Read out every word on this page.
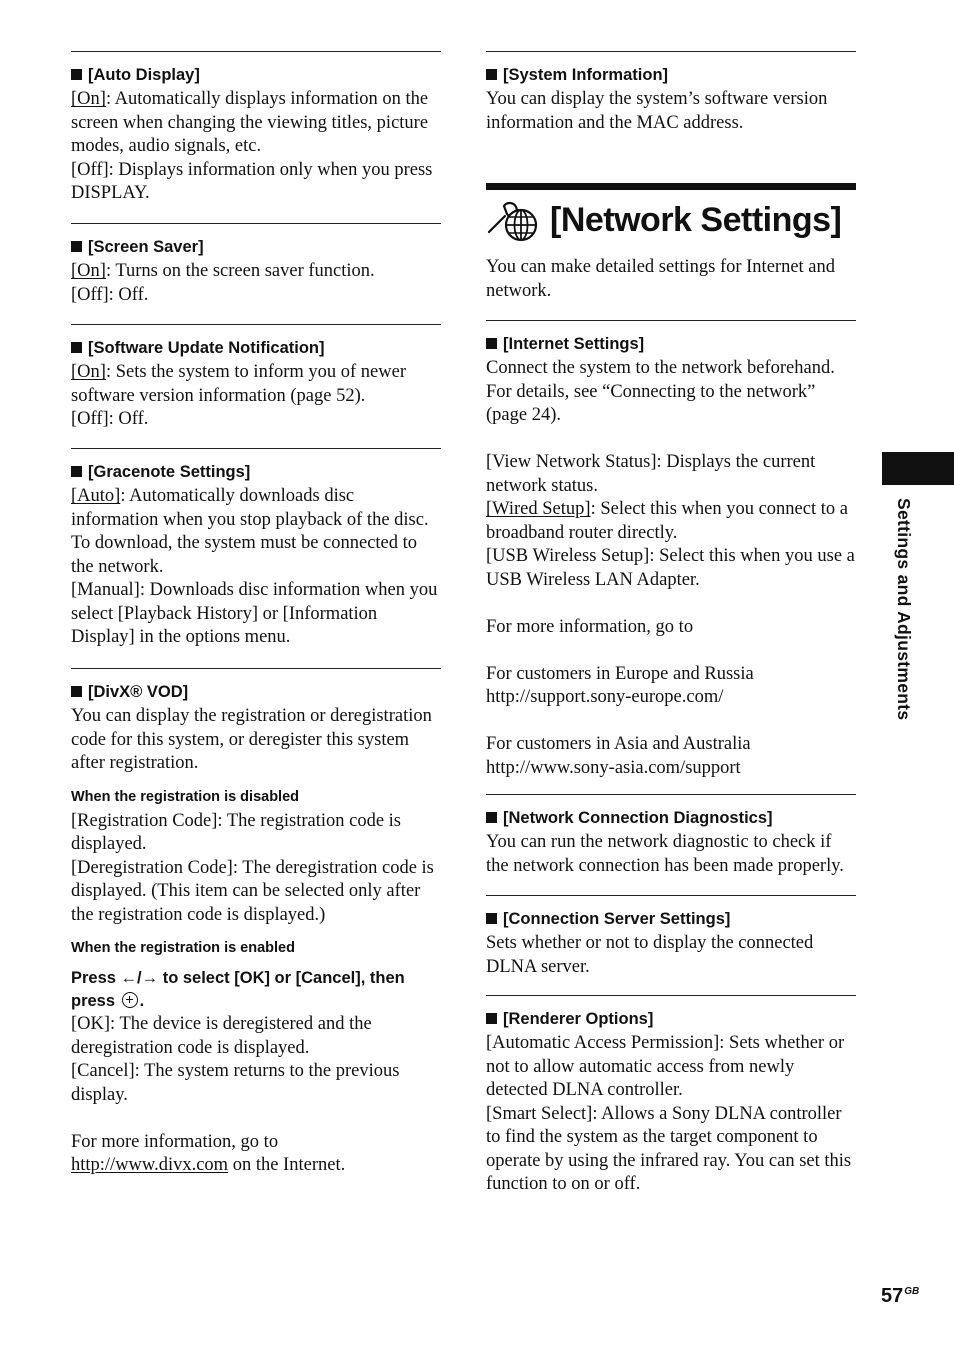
[Auto Display]

[On]: Automatically displays information on the screen when changing the viewing titles, picture modes, audio signals, etc.

[Off]: Displays information only when you press DISPLAY.

[Screen Saver]

[On]: Turns on the screen saver function.

[Off]: Off.

[Software Update Notification]

[On]: Sets the system to inform you of newer software version information (page 52).

[Off]: Off.

[Gracenote Settings]

[Auto]: Automatically downloads disc information when you stop playback of the disc. To download, the system must be connected to the network.

[Manual]: Downloads disc information when you select [Playback History] or [Information Display] in the options menu.

[DivX® VOD]

You can display the registration or deregistration code for this system, or deregister this system after registration.

When the registration is disabled

[Registration Code]: The registration code is displayed.

[Deregistration Code]: The deregistration code is displayed. (This item can be selected only after the registration code is displayed.)

When the registration is enabled

Press ←/→ to select [OK] or [Cancel], then press .

[OK]: The device is deregistered and the deregistration code is displayed.

[Cancel]: The system returns to the previous display.

For more information, go to

http://www.divx.com on the Internet.

[System Information]

You can display the system’s software version information and the MAC address.

[Network Settings]

You can make detailed settings for Internet and network.

[Internet Settings]

Connect the system to the network beforehand. For details, see “Connecting to the network” (page 24).

[View Network Status]: Displays the current network status.

[Wired Setup]: Select this when you connect to a broadband router directly.

[USB Wireless Setup]: Select this when you use a USB Wireless LAN Adapter.

For more information, go to

For customers in Europe and Russia

http://support.sony-europe.com/

For customers in Asia and Australia

http://www.sony-asia.com/support

[Network Connection Diagnostics]

You can run the network diagnostic to check if the network connection has been made properly.

[Connection Server Settings]

Sets whether or not to display the connected DLNA server.

[Renderer Options]

[Automatic Access Permission]: Sets whether or not to allow automatic access from newly detected DLNA controller.

[Smart Select]: Allows a Sony DLNA controller to find the system as the target component to operate by using the infrared ray. You can set this function to on or off.

Settings and Adjustments
$57^{GB}$
